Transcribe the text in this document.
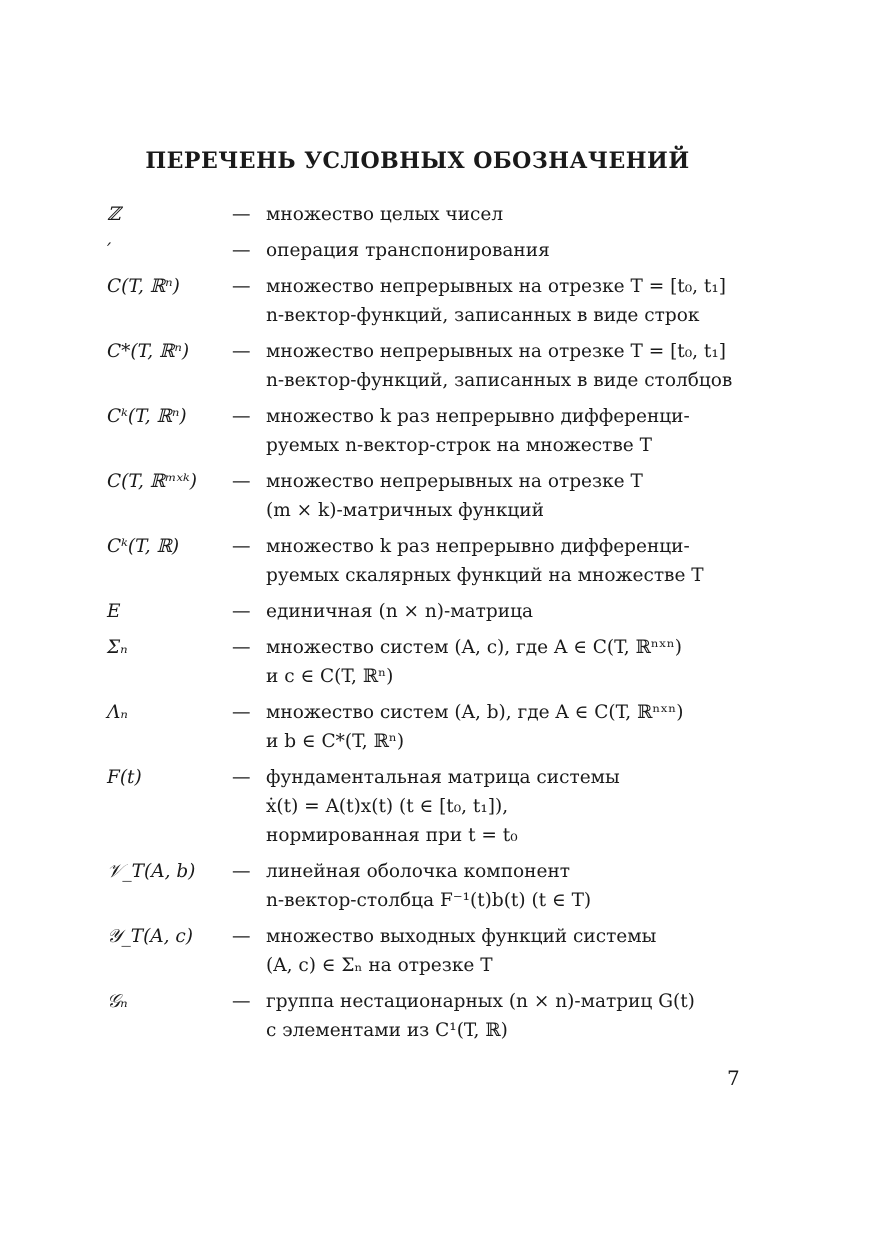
ПЕРЕЧЕНЬ УСЛОВНЫХ ОБОЗНАЧЕНИЙ
ℤ	— множество целых чисел
′	— операция транспонирования
C(T, ℝⁿ)	— множество непрерывных на отрезке T = [t₀, t₁]
n-вектор-функций, записанных в виде строк
C*(T, ℝⁿ)	— множество непрерывных на отрезке T = [t₀, t₁]
n-вектор-функций, записанных в виде столбцов
Cᵏ(T, ℝⁿ)	— множество k раз непрерывно дифференци-
руемых n-вектор-строк на множестве T
C(T, ℝᵐˣᵏ)	— множество непрерывных на отрезке T
(m × k)-матричных функций
Cᵏ(T, ℝ)	— множество k раз непрерывно дифференци-
руемых скалярных функций на множестве T
E	— единичная (n × n)-матрица
Σₙ	— множество систем (A, c), где A ∈ C(T, ℝⁿˣⁿ)
и c ∈ C(T, ℝⁿ)
Λₙ	— множество систем (A, b), где A ∈ C(T, ℝⁿˣⁿ)
и b ∈ C*(T, ℝⁿ)
F(t)	— фундаментальная матрица системы
ẋ(t) = A(t)x(t) (t ∈ [t₀, t₁]),
нормированная при t = t₀
𝒱_T(A, b)	— линейная оболочка компонент
n-вектор-столбца F⁻¹(t)b(t) (t ∈ T)
𝒴_T(A, c)	— множество выходных функций системы
(A, c) ∈ Σₙ на отрезке T
𝒢ₙ	— группа нестационарных (n × n)-матриц G(t)
с элементами из C¹(T, ℝ)
7
